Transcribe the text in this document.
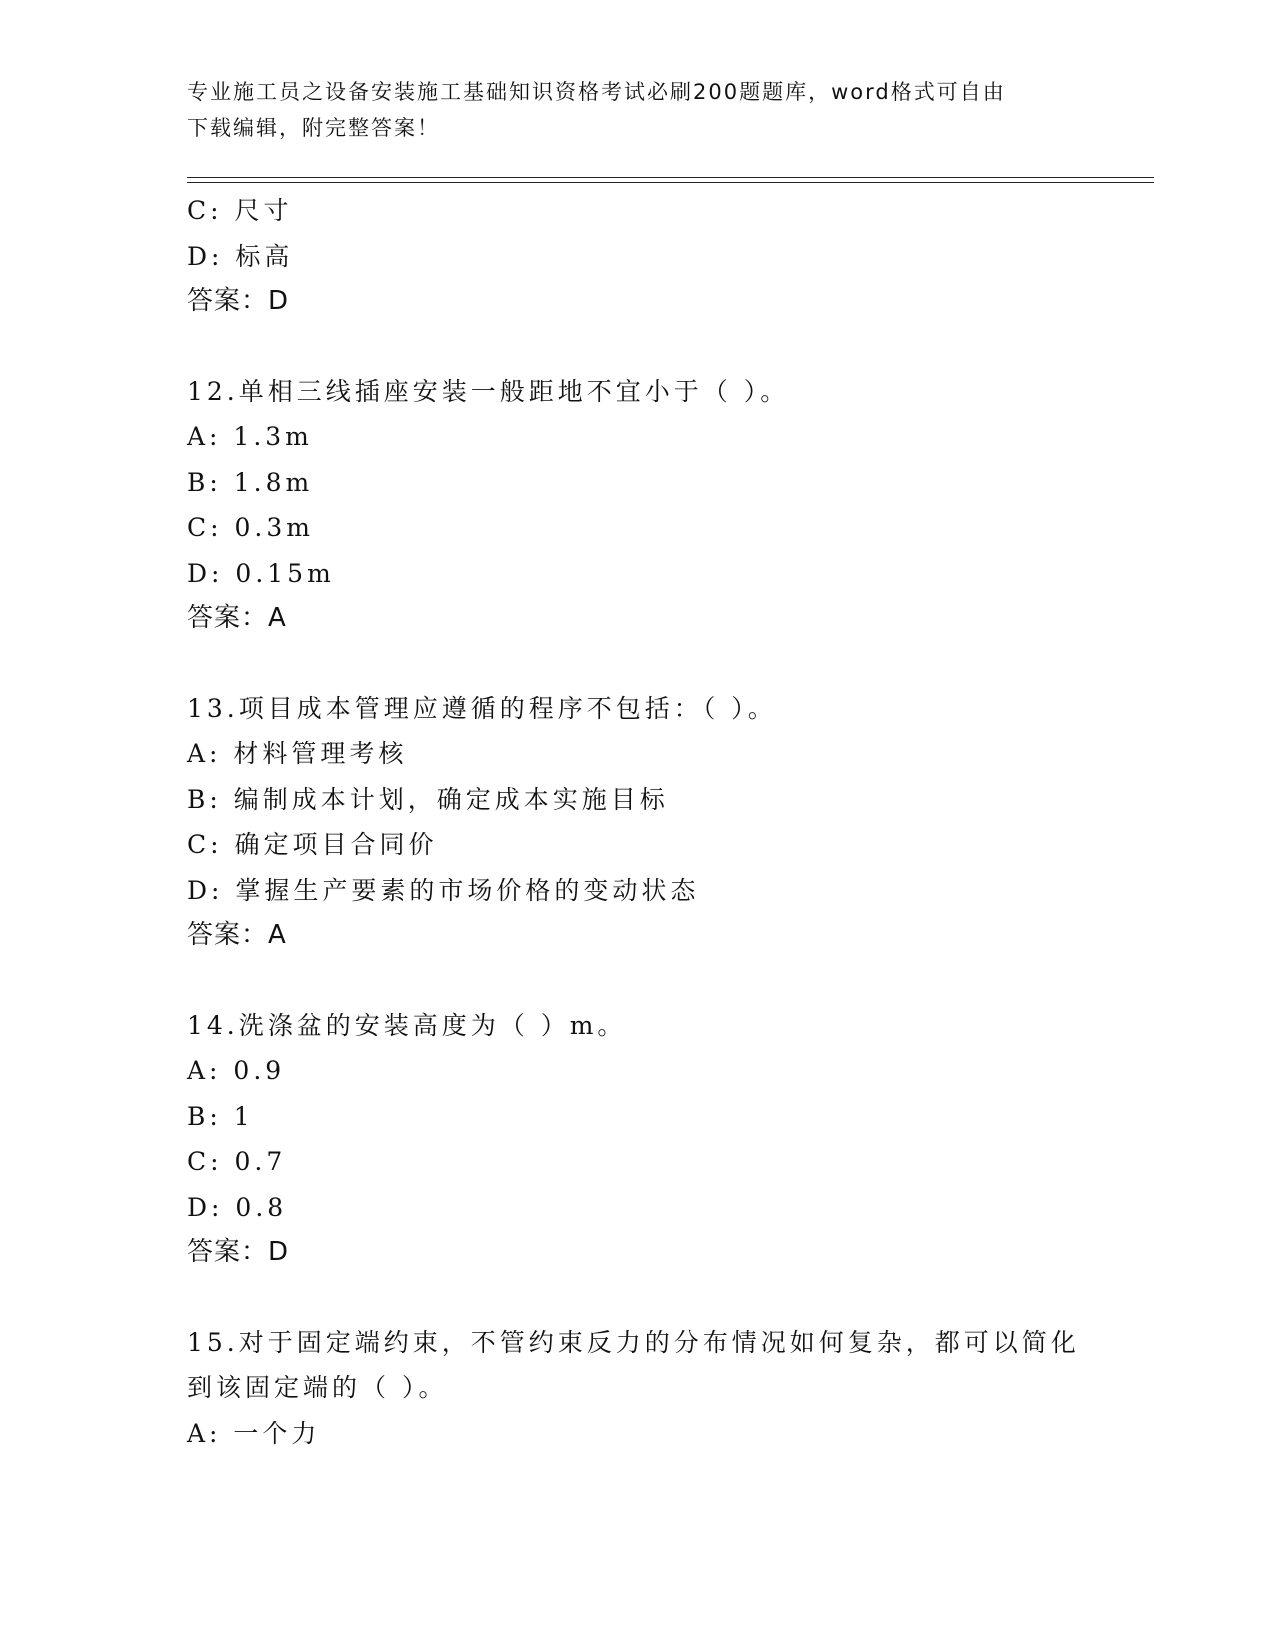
专业施工员之设备安装施工基础知识资格考试必刷200题题库，word格式可自由
下载编辑，附完整答案！
C: 尺寸
D: 标高
答案：D
12.单相三线插座安装一般距地不宜小于（ ）。
A: 1.3m
B: 1.8m
C: 0.3m
D: 0.15m
答案：A
13.项目成本管理应遵循的程序不包括：（ ）。
A: 材料管理考核
B: 编制成本计划，确定成本实施目标
C: 确定项目合同价
D: 掌握生产要素的市场价格的变动状态
答案：A
14.洗涤盆的安装高度为（ ）m。
A: 0.9
B: 1
C: 0.7
D: 0.8
答案：D
15.对于固定端约束，不管约束反力的分布情况如何复杂，都可以简化
到该固定端的（ ）。
A: 一个力
